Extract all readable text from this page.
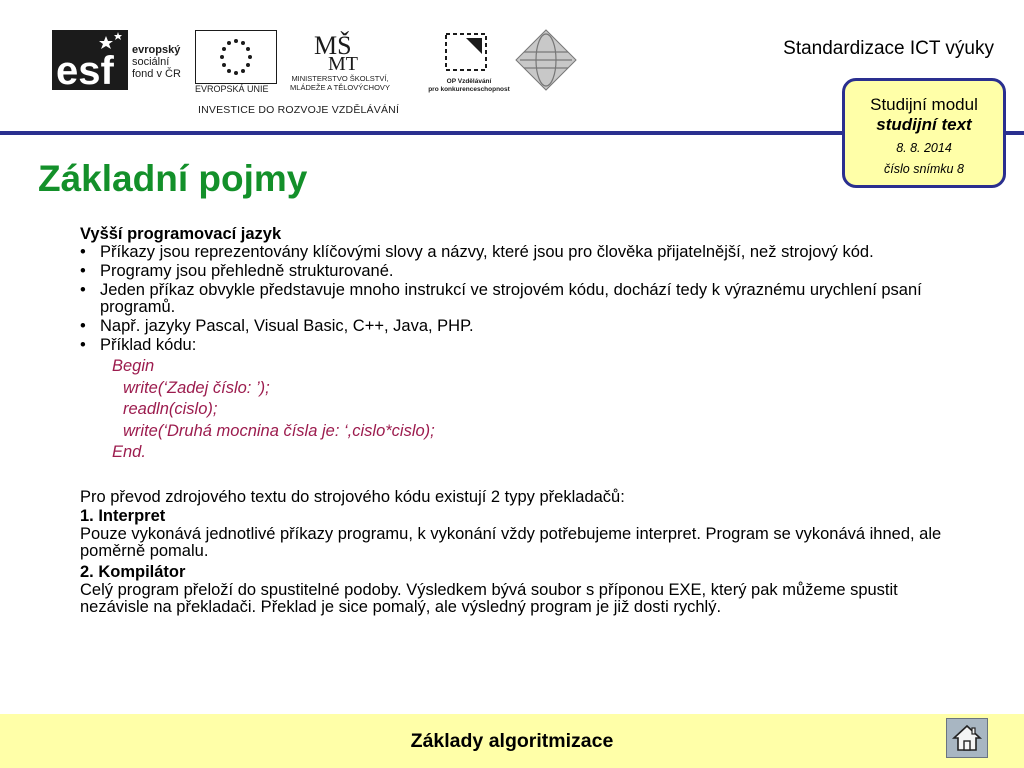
esf evropský
sociální
fond v ČR
EVROPSKÁ UNIE
MŠ
MT
MINISTERSTVO ŠKOLSTVÍ,
MLÁDEŽE A TĚLOVÝCHOVY
OP Vzdělávání
pro konkurenceschopnost
INVESTICE DO ROZVOJE VZDĚLÁVÁNÍ
Standardizace ICT výuky
Studijní modul
studijní text
8. 8. 2014
číslo snímku 8
Základní pojmy

Vyšší programovací jazyk

• Příkazy jsou reprezentovány klíčovými slovy a názvy, které jsou pro člověka přijatelnější, než strojový kód.
• Programy jsou přehledně strukturované.
• Jeden příkaz obvykle představuje mnoho instrukcí ve strojovém kódu, dochází tedy k výraznému urychlení psaní programů.
• Např. jazyky Pascal, Visual Basic, C++, Java, PHP.
• Příklad kódu:
Begin
write(‘Zadej číslo: ’);
readln(cislo);
write(‘Druhá mocnina čísla je: ‘,cislo*cislo);
End.

Pro převod zdrojového textu do strojového kódu existují 2 typy překladačů:

1. Interpret

Pouze vykonává jednotlivé příkazy programu, k vykonání vždy potřebujeme interpret. Program se vykonává ihned, ale poměrně pomalu.

2. Kompilátor

Celý program přeloží do spustitelné podoby. Výsledkem bývá soubor s příponou EXE, který pak můžeme spustit nezávisle na překladači. Překlad je sice pomalý, ale výsledný program je již dosti rychlý.

Základy algoritmizace
